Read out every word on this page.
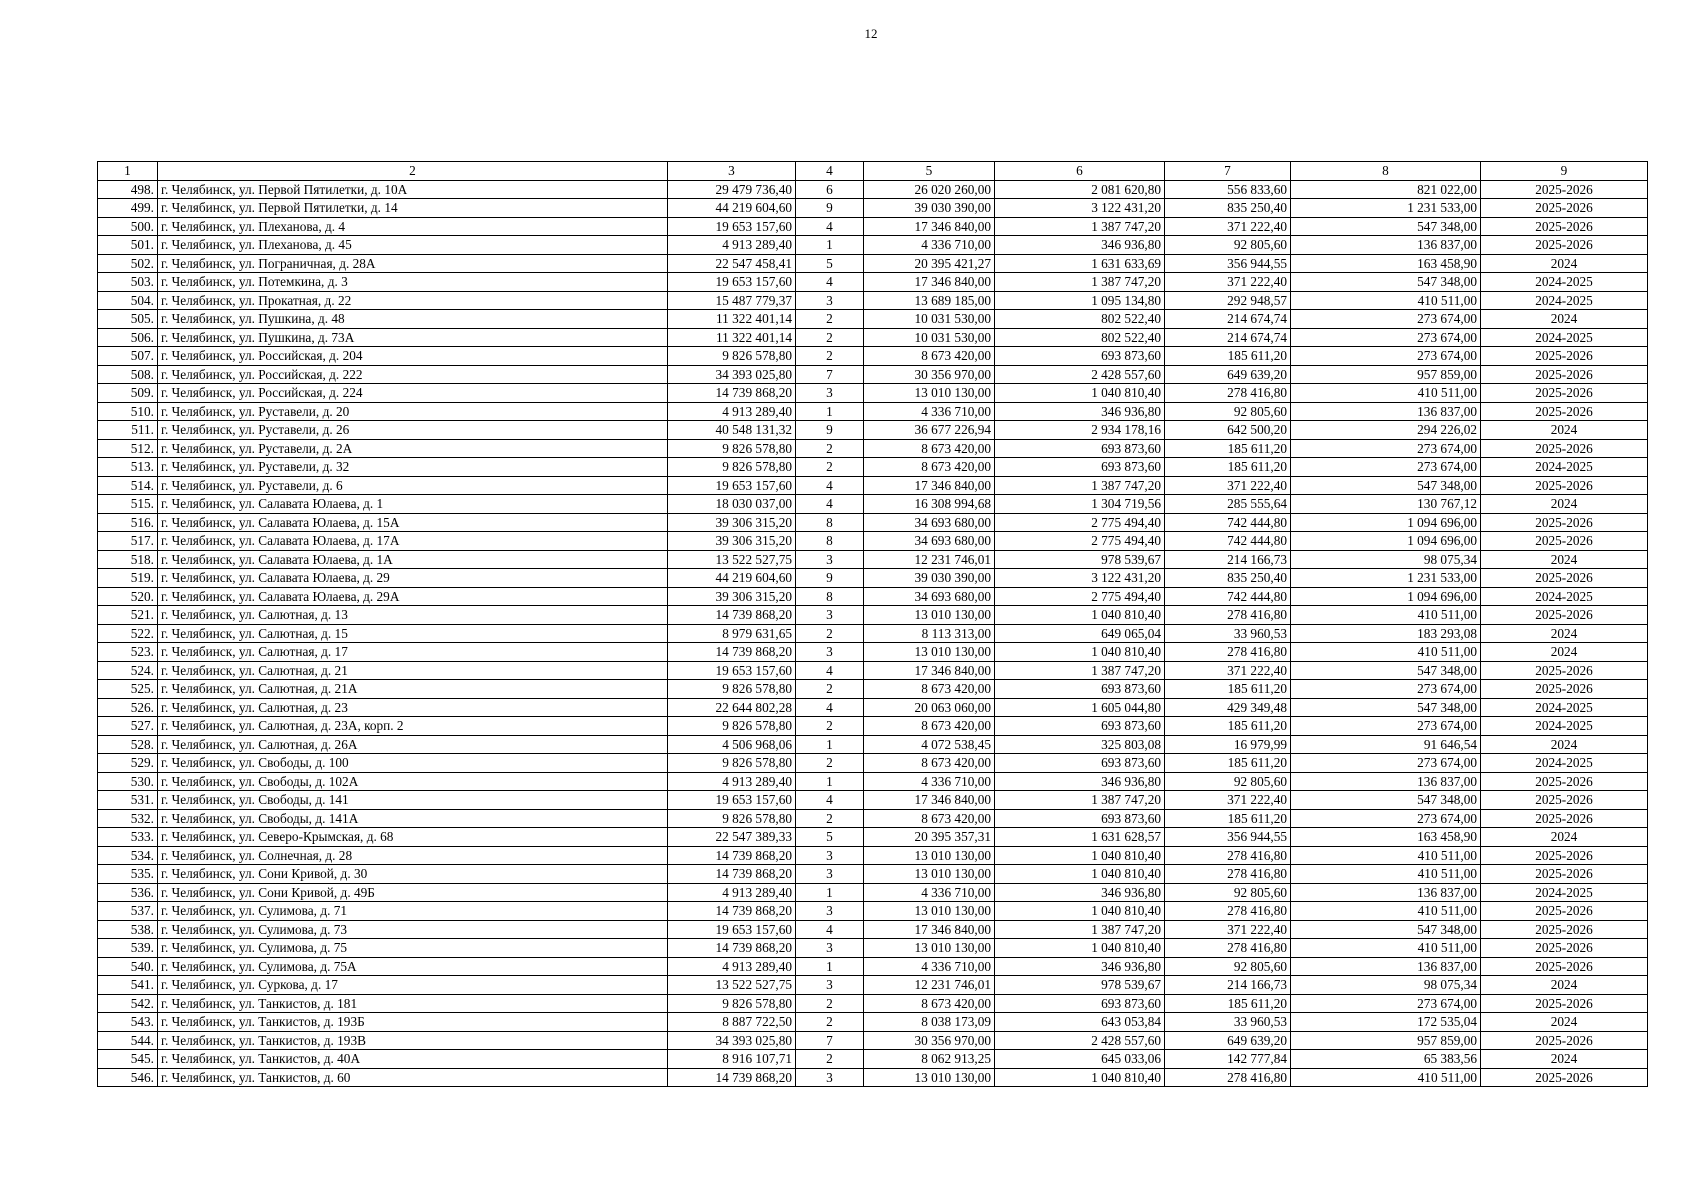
12
1	2	3	4	5	6	7	8	9
498.	г. Челябинск, ул. Первой Пятилетки, д. 10А	29 479 736,40	6	26 020 260,00	2 081 620,80	556 833,60	821 022,00	2025-2026
499.	г. Челябинск, ул. Первой Пятилетки, д. 14	44 219 604,60	9	39 030 390,00	3 122 431,20	835 250,40	1 231 533,00	2025-2026
500.	г. Челябинск, ул. Плеханова, д. 4	19 653 157,60	4	17 346 840,00	1 387 747,20	371 222,40	547 348,00	2025-2026
501.	г. Челябинск, ул. Плеханова, д. 45	4 913 289,40	1	4 336 710,00	346 936,80	92 805,60	136 837,00	2025-2026
502.	г. Челябинск, ул. Пограничная, д. 28А	22 547 458,41	5	20 395 421,27	1 631 633,69	356 944,55	163 458,90	2024
503.	г. Челябинск, ул. Потемкина, д. 3	19 653 157,60	4	17 346 840,00	1 387 747,20	371 222,40	547 348,00	2024-2025
504.	г. Челябинск, ул. Прокатная, д. 22	15 487 779,37	3	13 689 185,00	1 095 134,80	292 948,57	410 511,00	2024-2025
505.	г. Челябинск, ул. Пушкина, д. 48	11 322 401,14	2	10 031 530,00	802 522,40	214 674,74	273 674,00	2024
506.	г. Челябинск, ул. Пушкина, д. 73А	11 322 401,14	2	10 031 530,00	802 522,40	214 674,74	273 674,00	2024-2025
507.	г. Челябинск, ул. Российская, д. 204	9 826 578,80	2	8 673 420,00	693 873,60	185 611,20	273 674,00	2025-2026
508.	г. Челябинск, ул. Российская, д. 222	34 393 025,80	7	30 356 970,00	2 428 557,60	649 639,20	957 859,00	2025-2026
509.	г. Челябинск, ул. Российская, д. 224	14 739 868,20	3	13 010 130,00	1 040 810,40	278 416,80	410 511,00	2025-2026
510.	г. Челябинск, ул. Руставели, д. 20	4 913 289,40	1	4 336 710,00	346 936,80	92 805,60	136 837,00	2025-2026
511.	г. Челябинск, ул. Руставели, д. 26	40 548 131,32	9	36 677 226,94	2 934 178,16	642 500,20	294 226,02	2024
512.	г. Челябинск, ул. Руставели, д. 2А	9 826 578,80	2	8 673 420,00	693 873,60	185 611,20	273 674,00	2025-2026
513.	г. Челябинск, ул. Руставели, д. 32	9 826 578,80	2	8 673 420,00	693 873,60	185 611,20	273 674,00	2024-2025
514.	г. Челябинск, ул. Руставели, д. 6	19 653 157,60	4	17 346 840,00	1 387 747,20	371 222,40	547 348,00	2025-2026
515.	г. Челябинск, ул. Салавата Юлаева, д. 1	18 030 037,00	4	16 308 994,68	1 304 719,56	285 555,64	130 767,12	2024
516.	г. Челябинск, ул. Салавата Юлаева, д. 15А	39 306 315,20	8	34 693 680,00	2 775 494,40	742 444,80	1 094 696,00	2025-2026
517.	г. Челябинск, ул. Салавата Юлаева, д. 17А	39 306 315,20	8	34 693 680,00	2 775 494,40	742 444,80	1 094 696,00	2025-2026
518.	г. Челябинск, ул. Салавата Юлаева, д. 1А	13 522 527,75	3	12 231 746,01	978 539,67	214 166,73	98 075,34	2024
519.	г. Челябинск, ул. Салавата Юлаева, д. 29	44 219 604,60	9	39 030 390,00	3 122 431,20	835 250,40	1 231 533,00	2025-2026
520.	г. Челябинск, ул. Салавата Юлаева, д. 29А	39 306 315,20	8	34 693 680,00	2 775 494,40	742 444,80	1 094 696,00	2024-2025
521.	г. Челябинск, ул. Салютная, д. 13	14 739 868,20	3	13 010 130,00	1 040 810,40	278 416,80	410 511,00	2025-2026
522.	г. Челябинск, ул. Салютная, д. 15	8 979 631,65	2	8 113 313,00	649 065,04	33 960,53	183 293,08	2024
523.	г. Челябинск, ул. Салютная, д. 17	14 739 868,20	3	13 010 130,00	1 040 810,40	278 416,80	410 511,00	2024
524.	г. Челябинск, ул. Салютная, д. 21	19 653 157,60	4	17 346 840,00	1 387 747,20	371 222,40	547 348,00	2025-2026
525.	г. Челябинск, ул. Салютная, д. 21А	9 826 578,80	2	8 673 420,00	693 873,60	185 611,20	273 674,00	2025-2026
526.	г. Челябинск, ул. Салютная, д. 23	22 644 802,28	4	20 063 060,00	1 605 044,80	429 349,48	547 348,00	2024-2025
527.	г. Челябинск, ул. Салютная, д. 23А, корп. 2	9 826 578,80	2	8 673 420,00	693 873,60	185 611,20	273 674,00	2024-2025
528.	г. Челябинск, ул. Салютная, д. 26А	4 506 968,06	1	4 072 538,45	325 803,08	16 979,99	91 646,54	2024
529.	г. Челябинск, ул. Свободы, д. 100	9 826 578,80	2	8 673 420,00	693 873,60	185 611,20	273 674,00	2024-2025
530.	г. Челябинск, ул. Свободы, д. 102А	4 913 289,40	1	4 336 710,00	346 936,80	92 805,60	136 837,00	2025-2026
531.	г. Челябинск, ул. Свободы, д. 141	19 653 157,60	4	17 346 840,00	1 387 747,20	371 222,40	547 348,00	2025-2026
532.	г. Челябинск, ул. Свободы, д. 141А	9 826 578,80	2	8 673 420,00	693 873,60	185 611,20	273 674,00	2025-2026
533.	г. Челябинск, ул. Северо-Крымская, д. 68	22 547 389,33	5	20 395 357,31	1 631 628,57	356 944,55	163 458,90	2024
534.	г. Челябинск, ул. Солнечная, д. 28	14 739 868,20	3	13 010 130,00	1 040 810,40	278 416,80	410 511,00	2025-2026
535.	г. Челябинск, ул. Сони Кривой, д. 30	14 739 868,20	3	13 010 130,00	1 040 810,40	278 416,80	410 511,00	2025-2026
536.	г. Челябинск, ул. Сони Кривой, д. 49Б	4 913 289,40	1	4 336 710,00	346 936,80	92 805,60	136 837,00	2024-2025
537.	г. Челябинск, ул. Сулимова, д. 71	14 739 868,20	3	13 010 130,00	1 040 810,40	278 416,80	410 511,00	2025-2026
538.	г. Челябинск, ул. Сулимова, д. 73	19 653 157,60	4	17 346 840,00	1 387 747,20	371 222,40	547 348,00	2025-2026
539.	г. Челябинск, ул. Сулимова, д. 75	14 739 868,20	3	13 010 130,00	1 040 810,40	278 416,80	410 511,00	2025-2026
540.	г. Челябинск, ул. Сулимова, д. 75А	4 913 289,40	1	4 336 710,00	346 936,80	92 805,60	136 837,00	2025-2026
541.	г. Челябинск, ул. Суркова, д. 17	13 522 527,75	3	12 231 746,01	978 539,67	214 166,73	98 075,34	2024
542.	г. Челябинск, ул. Танкистов, д. 181	9 826 578,80	2	8 673 420,00	693 873,60	185 611,20	273 674,00	2025-2026
543.	г. Челябинск, ул. Танкистов, д. 193Б	8 887 722,50	2	8 038 173,09	643 053,84	33 960,53	172 535,04	2024
544.	г. Челябинск, ул. Танкистов, д. 193В	34 393 025,80	7	30 356 970,00	2 428 557,60	649 639,20	957 859,00	2025-2026
545.	г. Челябинск, ул. Танкистов, д. 40А	8 916 107,71	2	8 062 913,25	645 033,06	142 777,84	65 383,56	2024
546.	г. Челябинск, ул. Танкистов, д. 60	14 739 868,20	3	13 010 130,00	1 040 810,40	278 416,80	410 511,00	2025-2026
